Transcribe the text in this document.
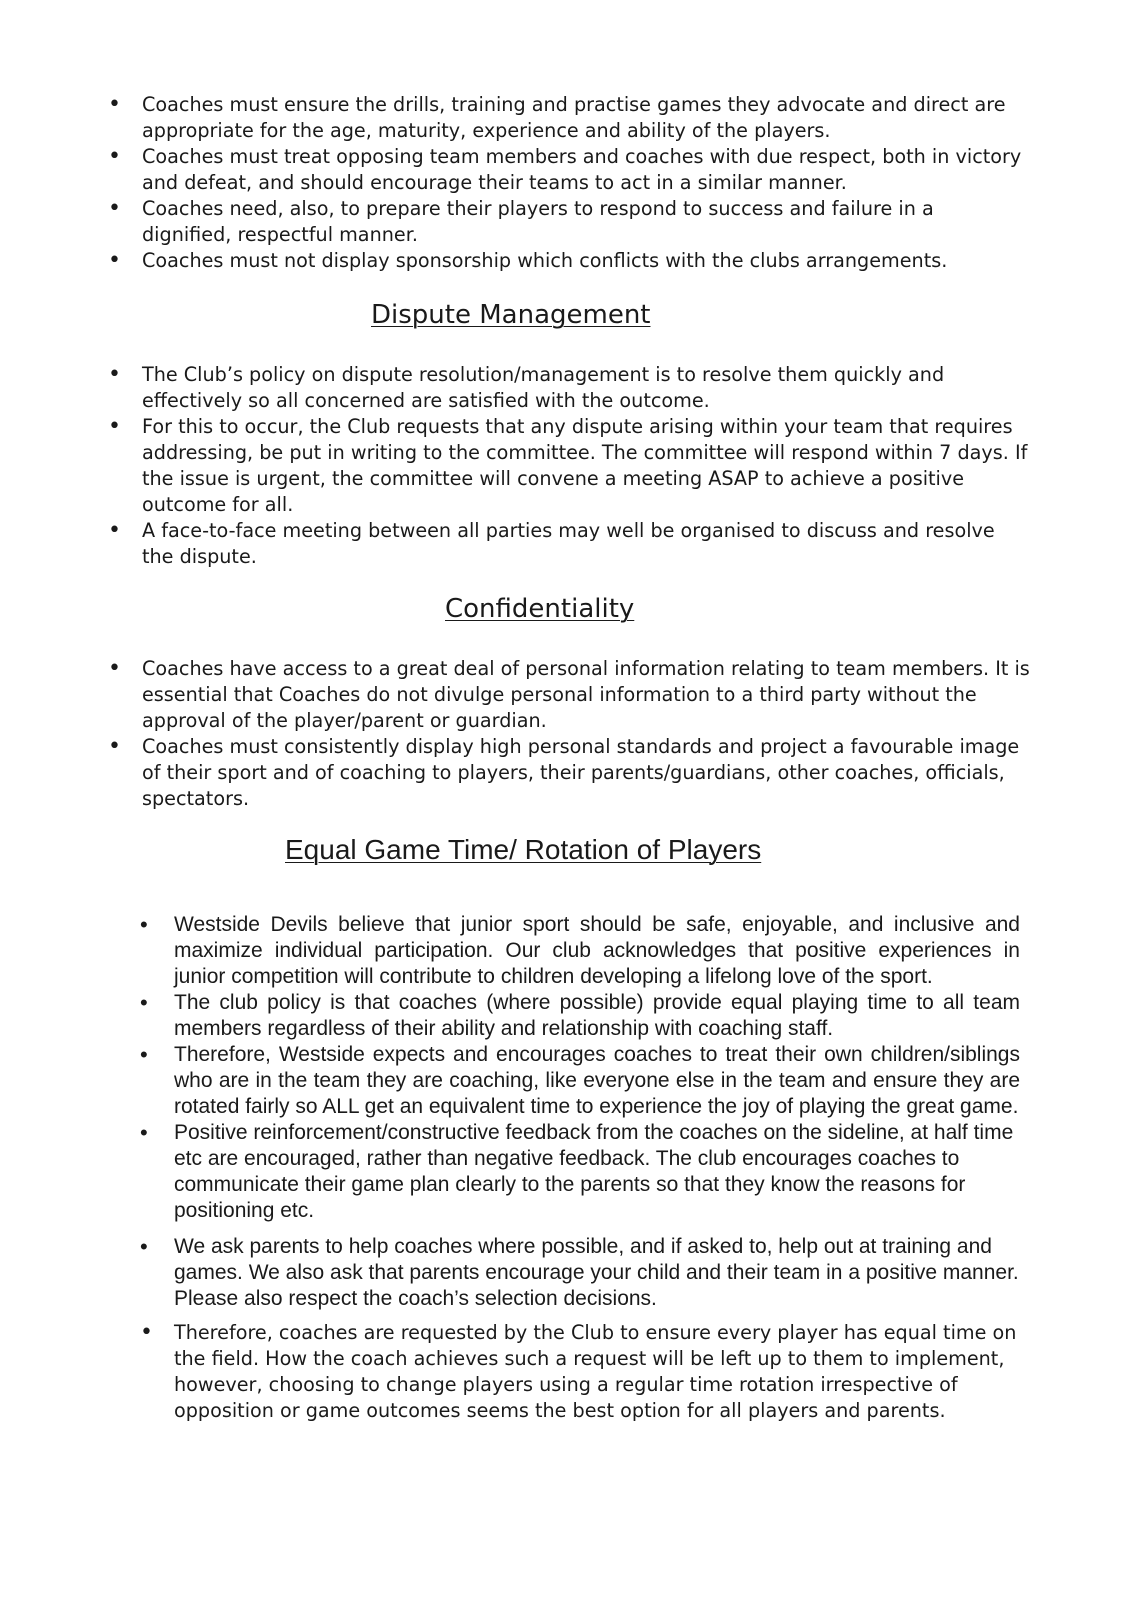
• Coaches must ensure the drills, training and practise games they advocate and direct are appropriate for the age, maturity, experience and ability of the players.
• Coaches must treat opposing team members and coaches with due respect, both in victory and defeat, and should encourage their teams to act in a similar manner.
• Coaches need, also, to prepare their players to respond to success and failure in a dignified, respectful manner.
• Coaches must not display sponsorship which conflicts with the clubs arrangements.
Dispute Management
• The Club’s policy on dispute resolution/management is to resolve them quickly and effectively so all concerned are satisfied with the outcome.
• For this to occur, the Club requests that any dispute arising within your team that requires addressing, be put in writing to the committee. The committee will respond within 7 days. If the issue is urgent, the committee will convene a meeting ASAP to achieve a positive outcome for all.
• A face-to-face meeting between all parties may well be organised to discuss and resolve the dispute.
Confidentiality
• Coaches have access to a great deal of personal information relating to team members. It is essential that Coaches do not divulge personal information to a third party without the approval of the player/parent or guardian.
• Coaches must consistently display high personal standards and project a favourable image of their sport and of coaching to players, their parents/guardians, other coaches, officials, spectators.
Equal Game Time/ Rotation of Players
• Westside Devils believe that junior sport should be safe, enjoyable, and inclusive and maximize individual participation. Our club acknowledges that positive experiences in junior competition will contribute to children developing a lifelong love of the sport.
• The club policy is that coaches (where possible) provide equal playing time to all team members regardless of their ability and relationship with coaching staff.
• Therefore, Westside expects and encourages coaches to treat their own children/siblings who are in the team they are coaching, like everyone else in the team and ensure they are rotated fairly so ALL get an equivalent time to experience the joy of playing the great game.
• Positive reinforcement/constructive feedback from the coaches on the sideline, at half time etc are encouraged, rather than negative feedback. The club encourages coaches to communicate their game plan clearly to the parents so that they know the reasons for positioning etc.
• We ask parents to help coaches where possible, and if asked to, help out at training and games. We also ask that parents encourage your child and their team in a positive manner. Please also respect the coach’s selection decisions.
• Therefore, coaches are requested by the Club to ensure every player has equal time on the field. How the coach achieves such a request will be left up to them to implement, however, choosing to change players using a regular time rotation irrespective of opposition or game outcomes seems the best option for all players and parents.
